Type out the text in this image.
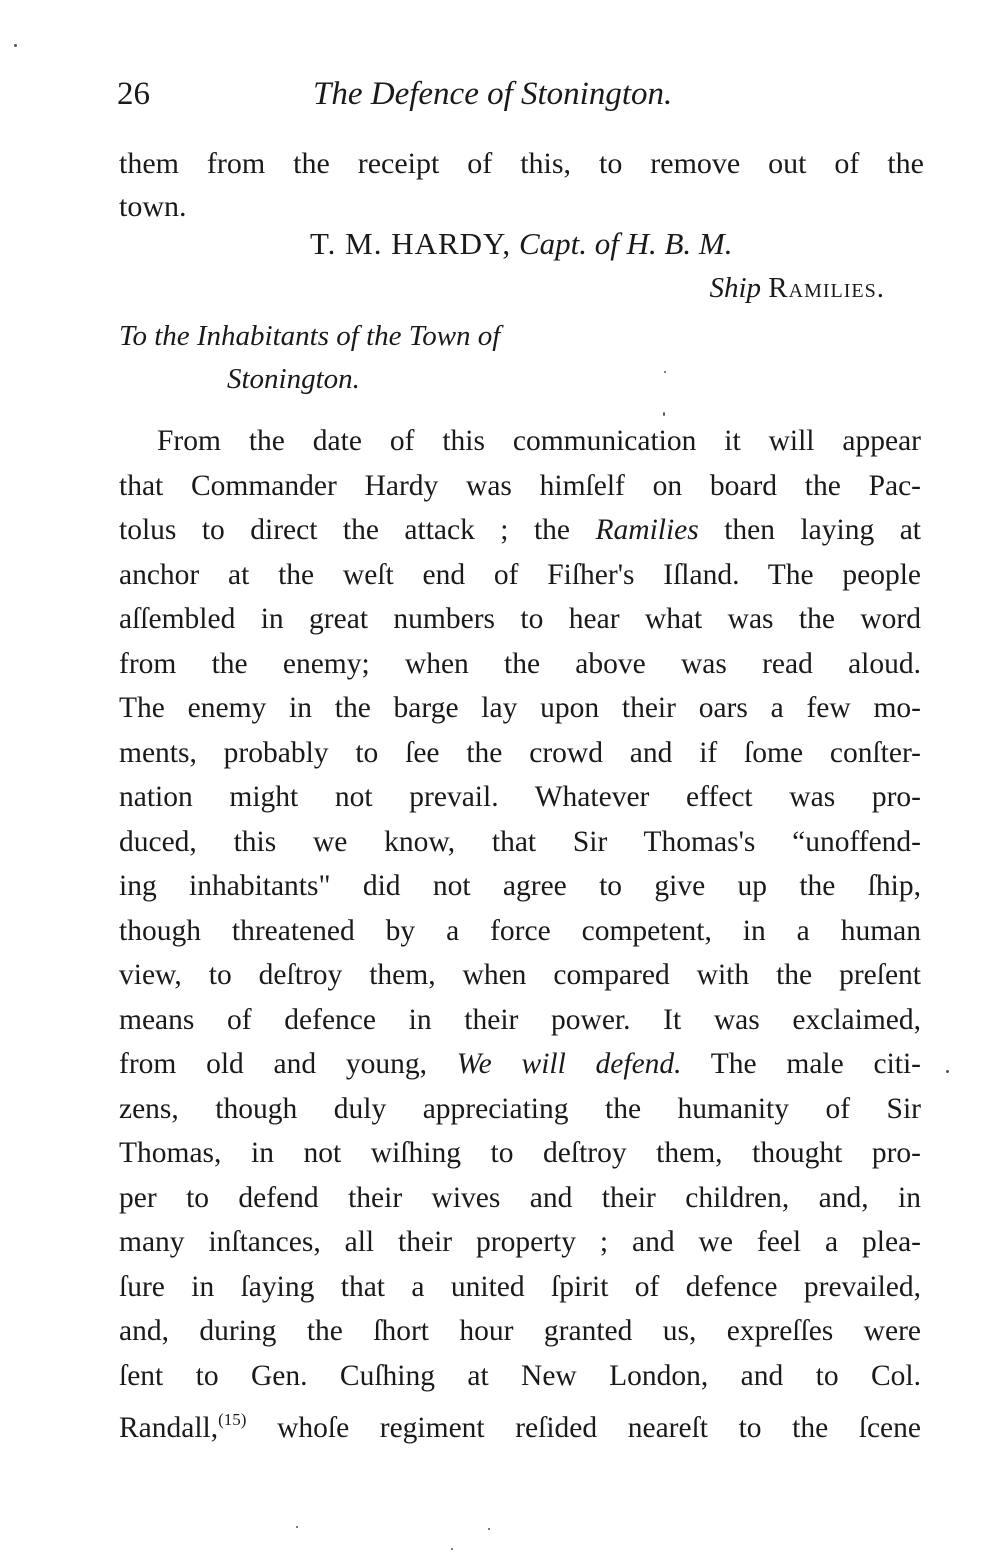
26	The Defence of Stonington.
them from the receipt of this, to remove out of the
town.
T. M. HARDY, Capt. of H. B. M.
Ship Ramilies.
To the Inhabitants of the Town of
Stonington.
From the date of this communication it will appear
that Commander Hardy was himſelf on board the Pac-
tolus to direct the attack ; the Ramilies then laying at
anchor at the weſt end of Fiſher's Iſland. The people
aſſembled in great numbers to hear what was the word
from the enemy; when the above was read aloud.
The enemy in the barge lay upon their oars a few mo-
ments, probably to ſee the crowd and if ſome conſter-
nation might not prevail. Whatever effect was pro-
duced, this we know, that Sir Thomas's “unoffend-
ing inhabitants" did not agree to give up the ſhip,
though threatened by a force competent, in a human
view, to deſtroy them, when compared with the preſent
means of defence in their power. It was exclaimed,
from old and young, We will defend. The male citi-
zens, though duly appreciating the humanity of Sir
Thomas, in not wiſhing to deſtroy them, thought pro-
per to defend their wives and their children, and, in
many inſtances, all their property ; and we feel a plea-
ſure in ſaying that a united ſpirit of defence prevailed,
and, during the ſhort hour granted us, expreſſes were
ſent to Gen. Cuſhing at New London, and to Col.
Randall,$^{(15)}$ whoſe regiment reſided neareſt to the ſcene
